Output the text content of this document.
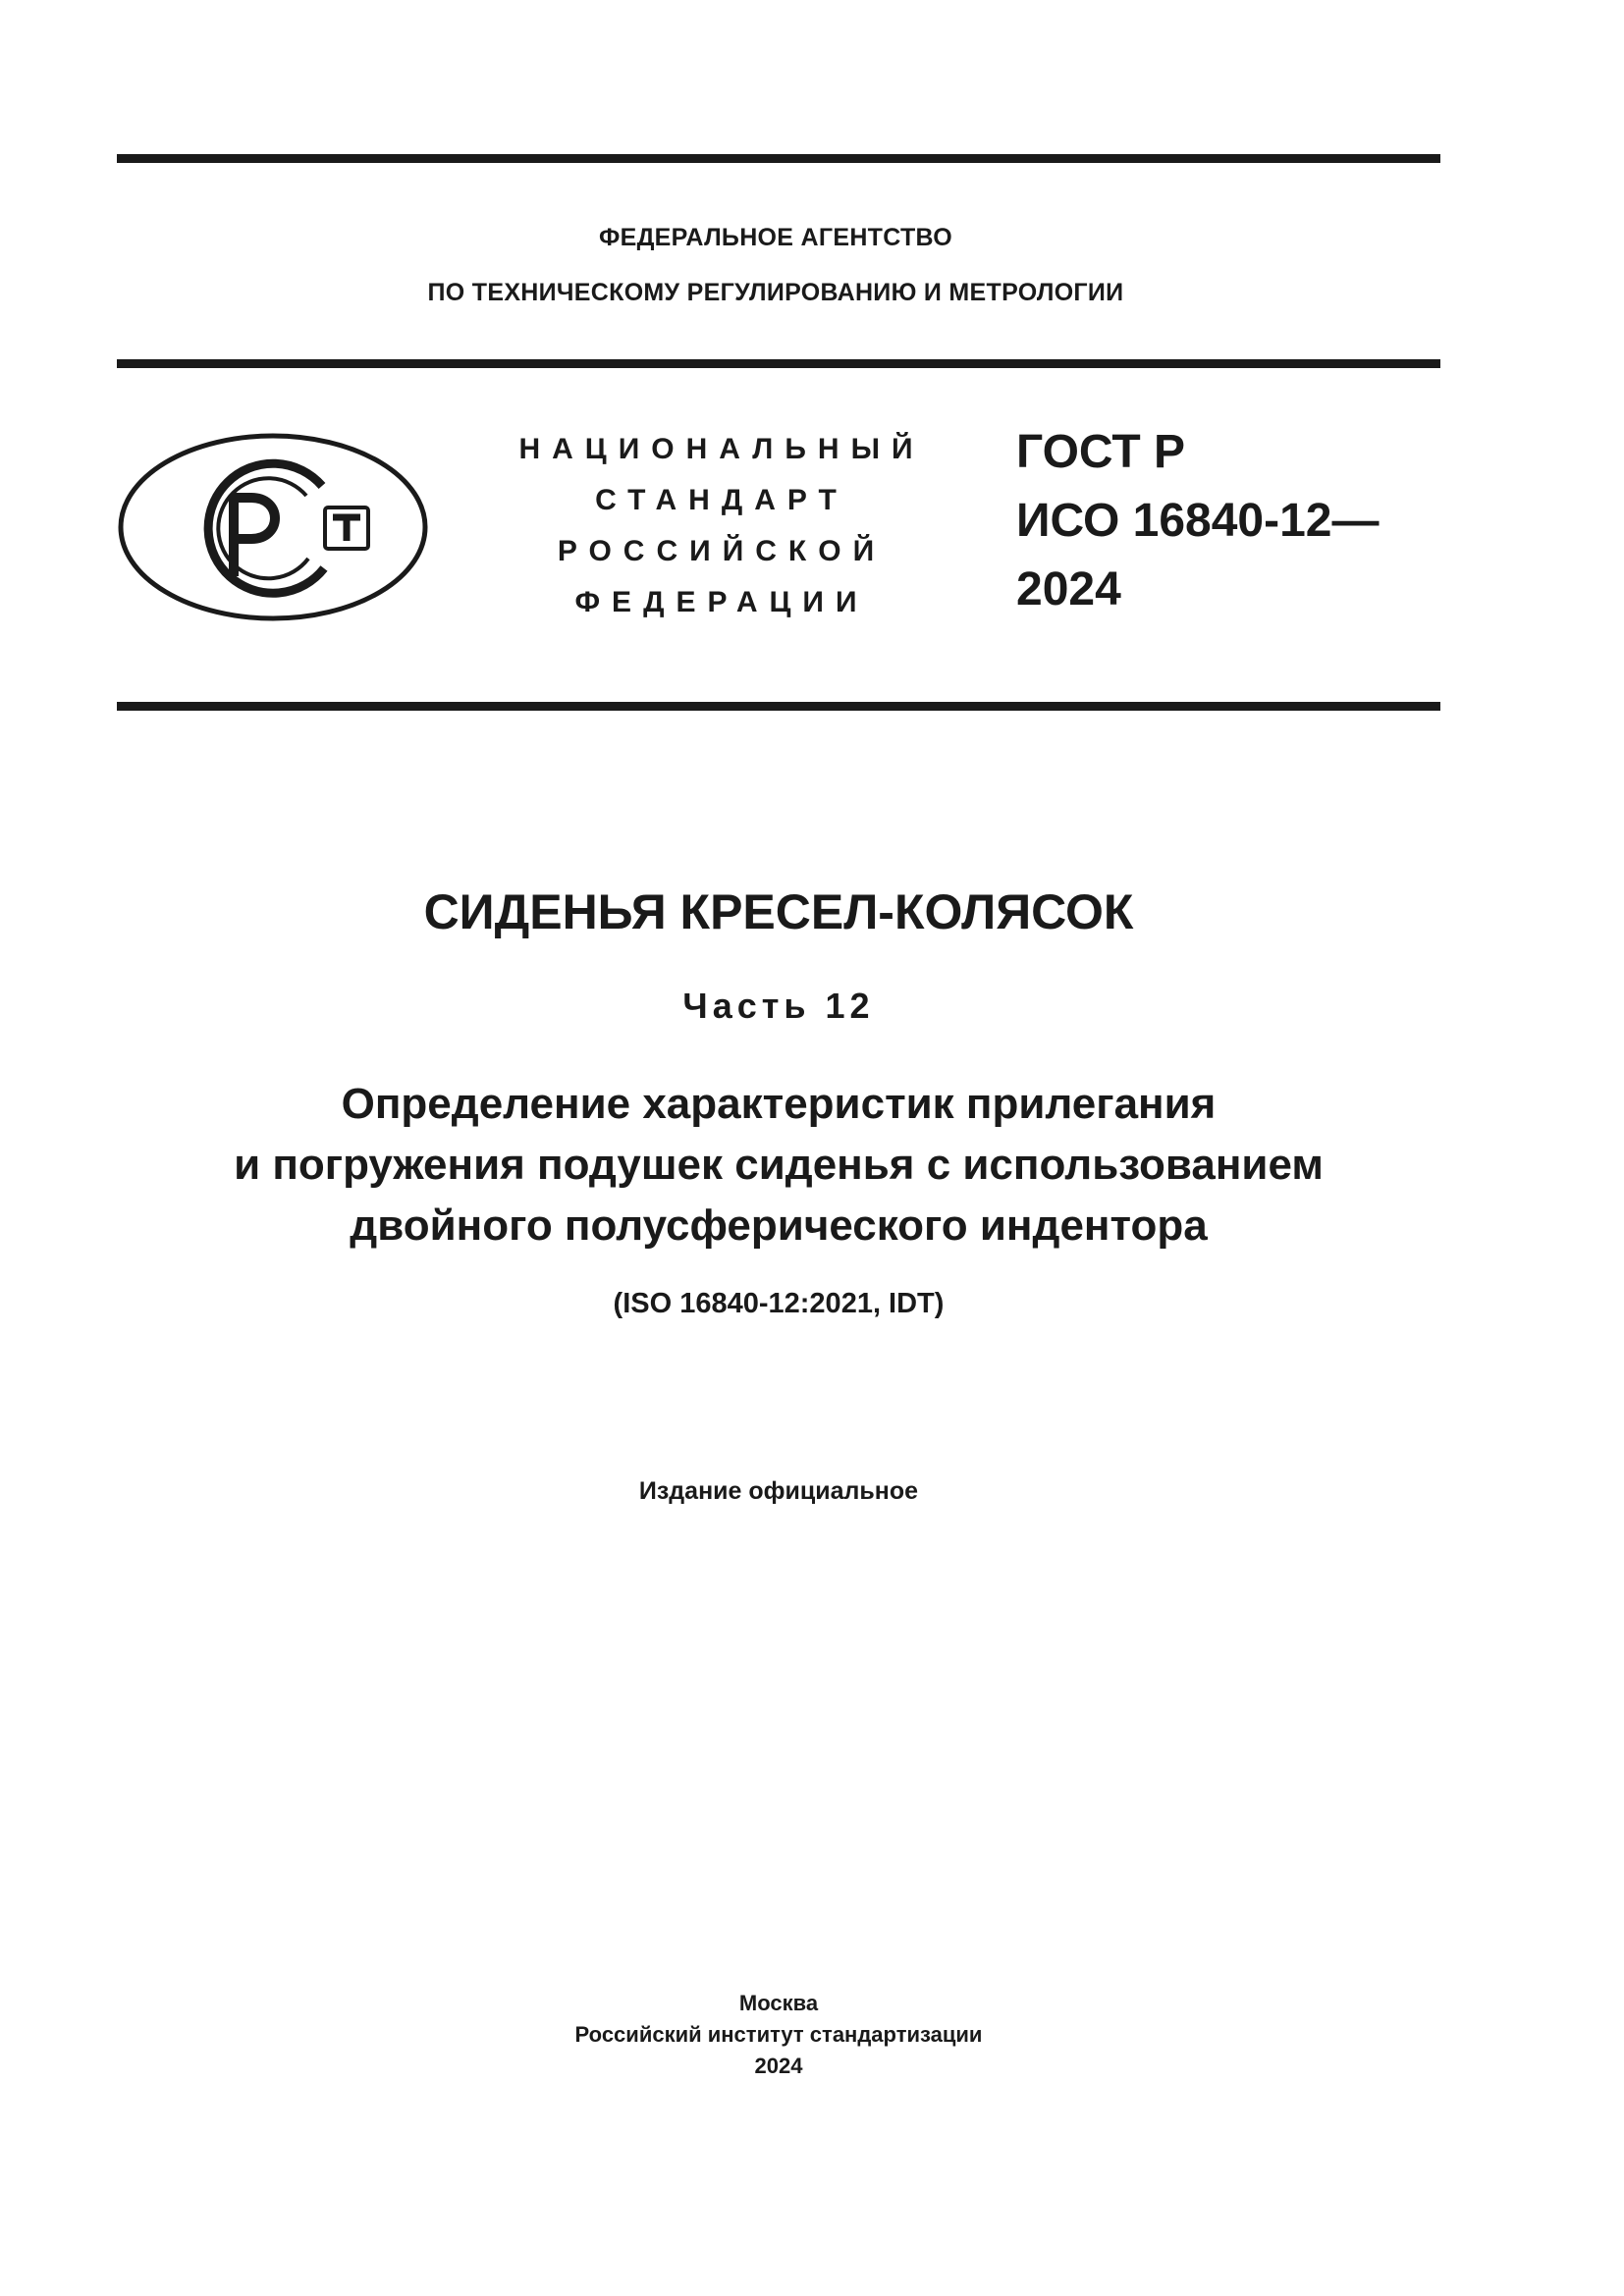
ФЕДЕРАЛЬНОЕ АГЕНТСТВО
ПО ТЕХНИЧЕСКОМУ РЕГУЛИРОВАНИЮ И МЕТРОЛОГИИ
НАЦИОНАЛЬНЫЙ
СТАНДАРТ
РОССИЙСКОЙ
ФЕДЕРАЦИИ
ГОСТ Р
ИСО 16840-12—
2024
СИДЕНЬЯ КРЕСЕЛ-КОЛЯСОК
Часть 12
Определение характеристик прилегания
и погружения подушек сиденья с использованием
двойного полусферического индентора
(ISO 16840-12:2021, IDT)
Издание официальное
Москва
Российский институт стандартизации
2024
